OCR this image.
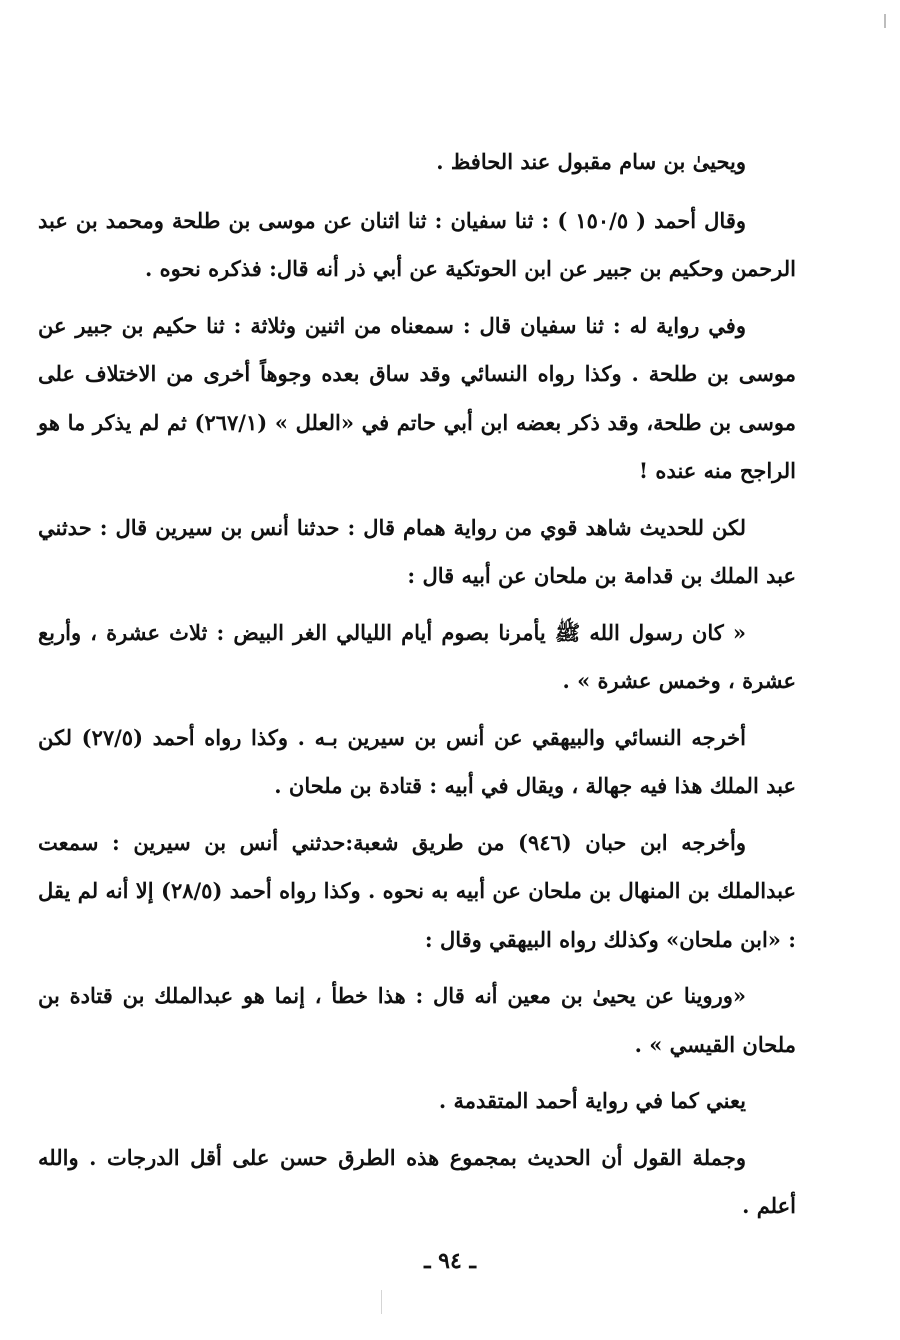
ويحيىٰ بن سام مقبول عند الحافظ .

وقال أحمد ( ١٥٠/٥ ) : ثنا سفيان : ثنا اثنان عن موسى بن طلحة ومحمد بن عبد الرحمن وحكيم بن جبير عن ابن الحوتكية عن أبي ذر أنه قال: فذكره نحوه .

وفي رواية له : ثنا سفيان قال : سمعناه من اثنين وثلاثة : ثنا حكيم بن جبير عن موسى بن طلحة . وكذا رواه النسائي وقد ساق بعده وجوهاً أخرى من الاختلاف على موسى بن طلحة، وقد ذكر بعضه ابن أبي حاتم في «العلل » (٢٦٧/١) ثم لم يذكر ما هو الراجح منه عنده !

لكن للحديث شاهد قوي من رواية همام قال : حدثنا أنس بن سيرين قال : حدثني عبد الملك بن قدامة بن ملحان عن أبيه قال :

« كان رسول الله ﷺ يأمرنا بصوم أيام الليالي الغر البيض : ثلاث عشرة ، وأربع عشرة ، وخمس عشرة » .

أخرجه النسائي والبيهقي عن أنس بن سيرين بـه . وكذا رواه أحمد (٢٧/٥) لكن عبد الملك هذا فيه جهالة ، ويقال في أبيه : قتادة بن ملحان .

وأخرجه ابن حبان (٩٤٦) من طريق شعبة:حدثني أنس بن سيرين : سمعت عبدالملك بن المنهال بن ملحان عن أبيه به نحوه . وكذا رواه أحمد (٢٨/٥) إلا أنه لم يقل : «ابن ملحان» وكذلك رواه البيهقي وقال :

«وروينا عن يحيىٰ بن معين أنه قال : هذا خطأ ، إنما هو عبدالملك بن قتادة بن ملحان القيسي » .

يعني كما في رواية أحمد المتقدمة .

وجملة القول أن الحديث بمجموع هذه الطرق حسن على أقل الدرجات . والله أعلم .

ـ ٩٤ ـ
